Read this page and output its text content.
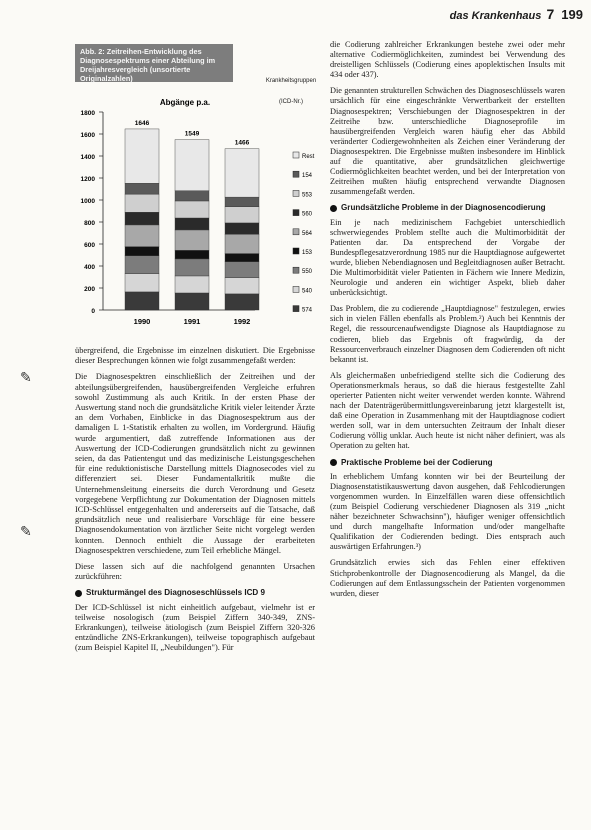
das Krankenhaus 7 199
Abb. 2: Zeitreihen-Entwicklung des Diagnosespektrums einer Abteilung im Dreijahresvergleich (unsortierte Originalzahlen)	Krankheitsgruppen
(ICD-Nr.)
Abgänge p.a.
0
200
400
600
800
1000
1200
1400
1600
1800
1646
1990
1549
1991
1466
1992
Rest
154
553
560
564
153
550
540
574

übergreifend, die Ergebnisse im einzelnen diskutiert. Die Ergebnisse dieser Besprechungen können wie folgt zusammengefaßt werden:

Die Diagnosespektren einschließlich der Zeitreihen und der abteilungsübergreifenden, hausübergreifenden Vergleiche erfuhren sowohl Zustimmung als auch Kritik. In der ersten Phase der Auswertung stand noch die grundsätzliche Kritik vieler leitender Ärzte an dem Vorhaben, Einblicke in das Diagnosespektrum aus der damaligen L 1-Statistik erhalten zu wollen, im Vordergrund. Häufig wurde argumentiert, daß zutreffende Informationen aus der Auswertung der ICD-Codierungen grundsätzlich nicht zu gewinnen seien, da das Patientengut und das medizinische Leistungsgeschehen für eine reduktionistische Darstellung mittels Diagnosecodes viel zu differenziert sei. Dieser Fundamentalkritik mußte die Unternehmensleitung einerseits die durch Verordnung und Gesetz vorgegebene Verpflichtung zur Dokumentation der Diagnosen mittels ICD-Schlüssel entgegenhalten und andererseits auf die Tatsache, daß grundsätzlich neue und realisierbare Vorschläge für eine bessere Diagnosendokumentation von ärztlicher Seite nicht vorgelegt werden konnten. Dennoch enthielt die Aussage der erarbeiteten Diagnosespektren verschiedene, zum Teil erhebliche Mängel.

Diese lassen sich auf die nachfolgend genannten Ursachen zurückführen:

Strukturmängel des Diagnoseschlüssels ICD 9

Der ICD-Schlüssel ist nicht einheitlich aufgebaut, vielmehr ist er teilweise nosologisch (zum Beispiel Ziffern 340-349, ZNS-Erkrankungen), teilweise ätiologisch (zum Beispiel Ziffern 320-326 entzündliche ZNS-Erkrankungen), teilweise topographisch aufgebaut (zum Beispiel Kapitel II, „Neubildungen"). Für

die Codierung zahlreicher Erkrankungen bestehe zwei oder mehr alternative Codiermöglichkeiten, zumindest bei Verwendung des dreistelligen Schlüssels (Codierung eines apoplektischen Insults mit 434 oder 437).

Die genannten strukturellen Schwächen des Diagnoseschlüssels waren ursächlich für eine eingeschränkte Verwertbarkeit der erstellten Diagnosespektren; Verschiebungen der Diagnosespektren in der Zeitreihe bzw. unterschiedliche Diagnoseprofile im hausübergreifenden Vergleich waren häufig eher das Abbild veränderter Codiergewohnheiten als Zeichen einer Veränderung der Diagnosespektren. Die Ergebnisse mußten insbesondere im Hinblick auf die quantitative, aber grundsätzlichen gleichwertige Codiermöglichkeiten beachtet werden, und bei der Interpretation von Zeitreihen mußten häufig entsprechend verwandte Diagnosen zusammengefaßt werden.

Grundsätzliche Probleme in der Diagnosencodierung

Ein je nach medizinischem Fachgebiet unterschiedlich schwerwiegendes Problem stellte auch die Multimorbidität der Patienten dar. Da entsprechend der Vorgabe der Bundespflegesatzverordnung 1985 nur die Hauptdiagnose aufgewertet wurde, blieben Nebendiagnosen und Begleitdiagnosen außer Betracht. Die Multimorbidität vieler Patienten in Fächern wie Innere Medizin, Neurologie und anderen ein wichtiger Aspekt, blieb daher unberücksichtigt.

Das Problem, die zu codierende „Hauptdiagnose" festzulegen, erwies sich in vielen Fällen ebenfalls als Problem.²) Auch bei Kenntnis der Regel, die ressourcenaufwendigste Diagnose als Hauptdiagnose zu codieren, blieb das Ergebnis oft fragwürdig, da der Ressourcenverbrauch einzelner Diagnosen dem Codierenden oft nicht bekannt ist.

Als gleichermaßen unbefriedigend stellte sich die Codierung des Operationsmerkmals heraus, so daß die hieraus festgestellte Zahl operierter Patienten nicht weiter verwendet werden konnte. Während nach der Datenträgerübermittlungsvereinbarung jetzt klargestellt ist, daß eine Operation in Zusammenhang mit der Hauptdiagnose codiert werden soll, war in dem untersuchten Zeitraum der Inhalt dieser Codierung völlig unklar. Auch heute ist nicht näher definiert, was als Operation zu gelten hat.

Praktische Probleme bei der Codierung

In erheblichem Umfang konnten wir bei der Beurteilung der Diagnosenstatistikauswertung davon ausgehen, daß Fehlcodierungen vorgenommen wurden. In Einzelfällen waren diese offensichtlich (zum Beispiel Codierung verschiedener Diagnosen als 319 „nicht näher bezeichneter Schwachsinn"), häufiger weniger offensichtlich und durch mangelhafte Information und/oder mangelhafte Qualifikation der Codierenden bedingt. Dies entsprach auch auswärtigen Erfahrungen.³)

Grundsätzlich erwies sich das Fehlen einer effektiven Stichprobenkontrolle der Diagnosencodierung als Mangel, da die Codierungen auf dem Entlassungsschein der Patienten vorgenommen wurden, dieser

✎
✎
